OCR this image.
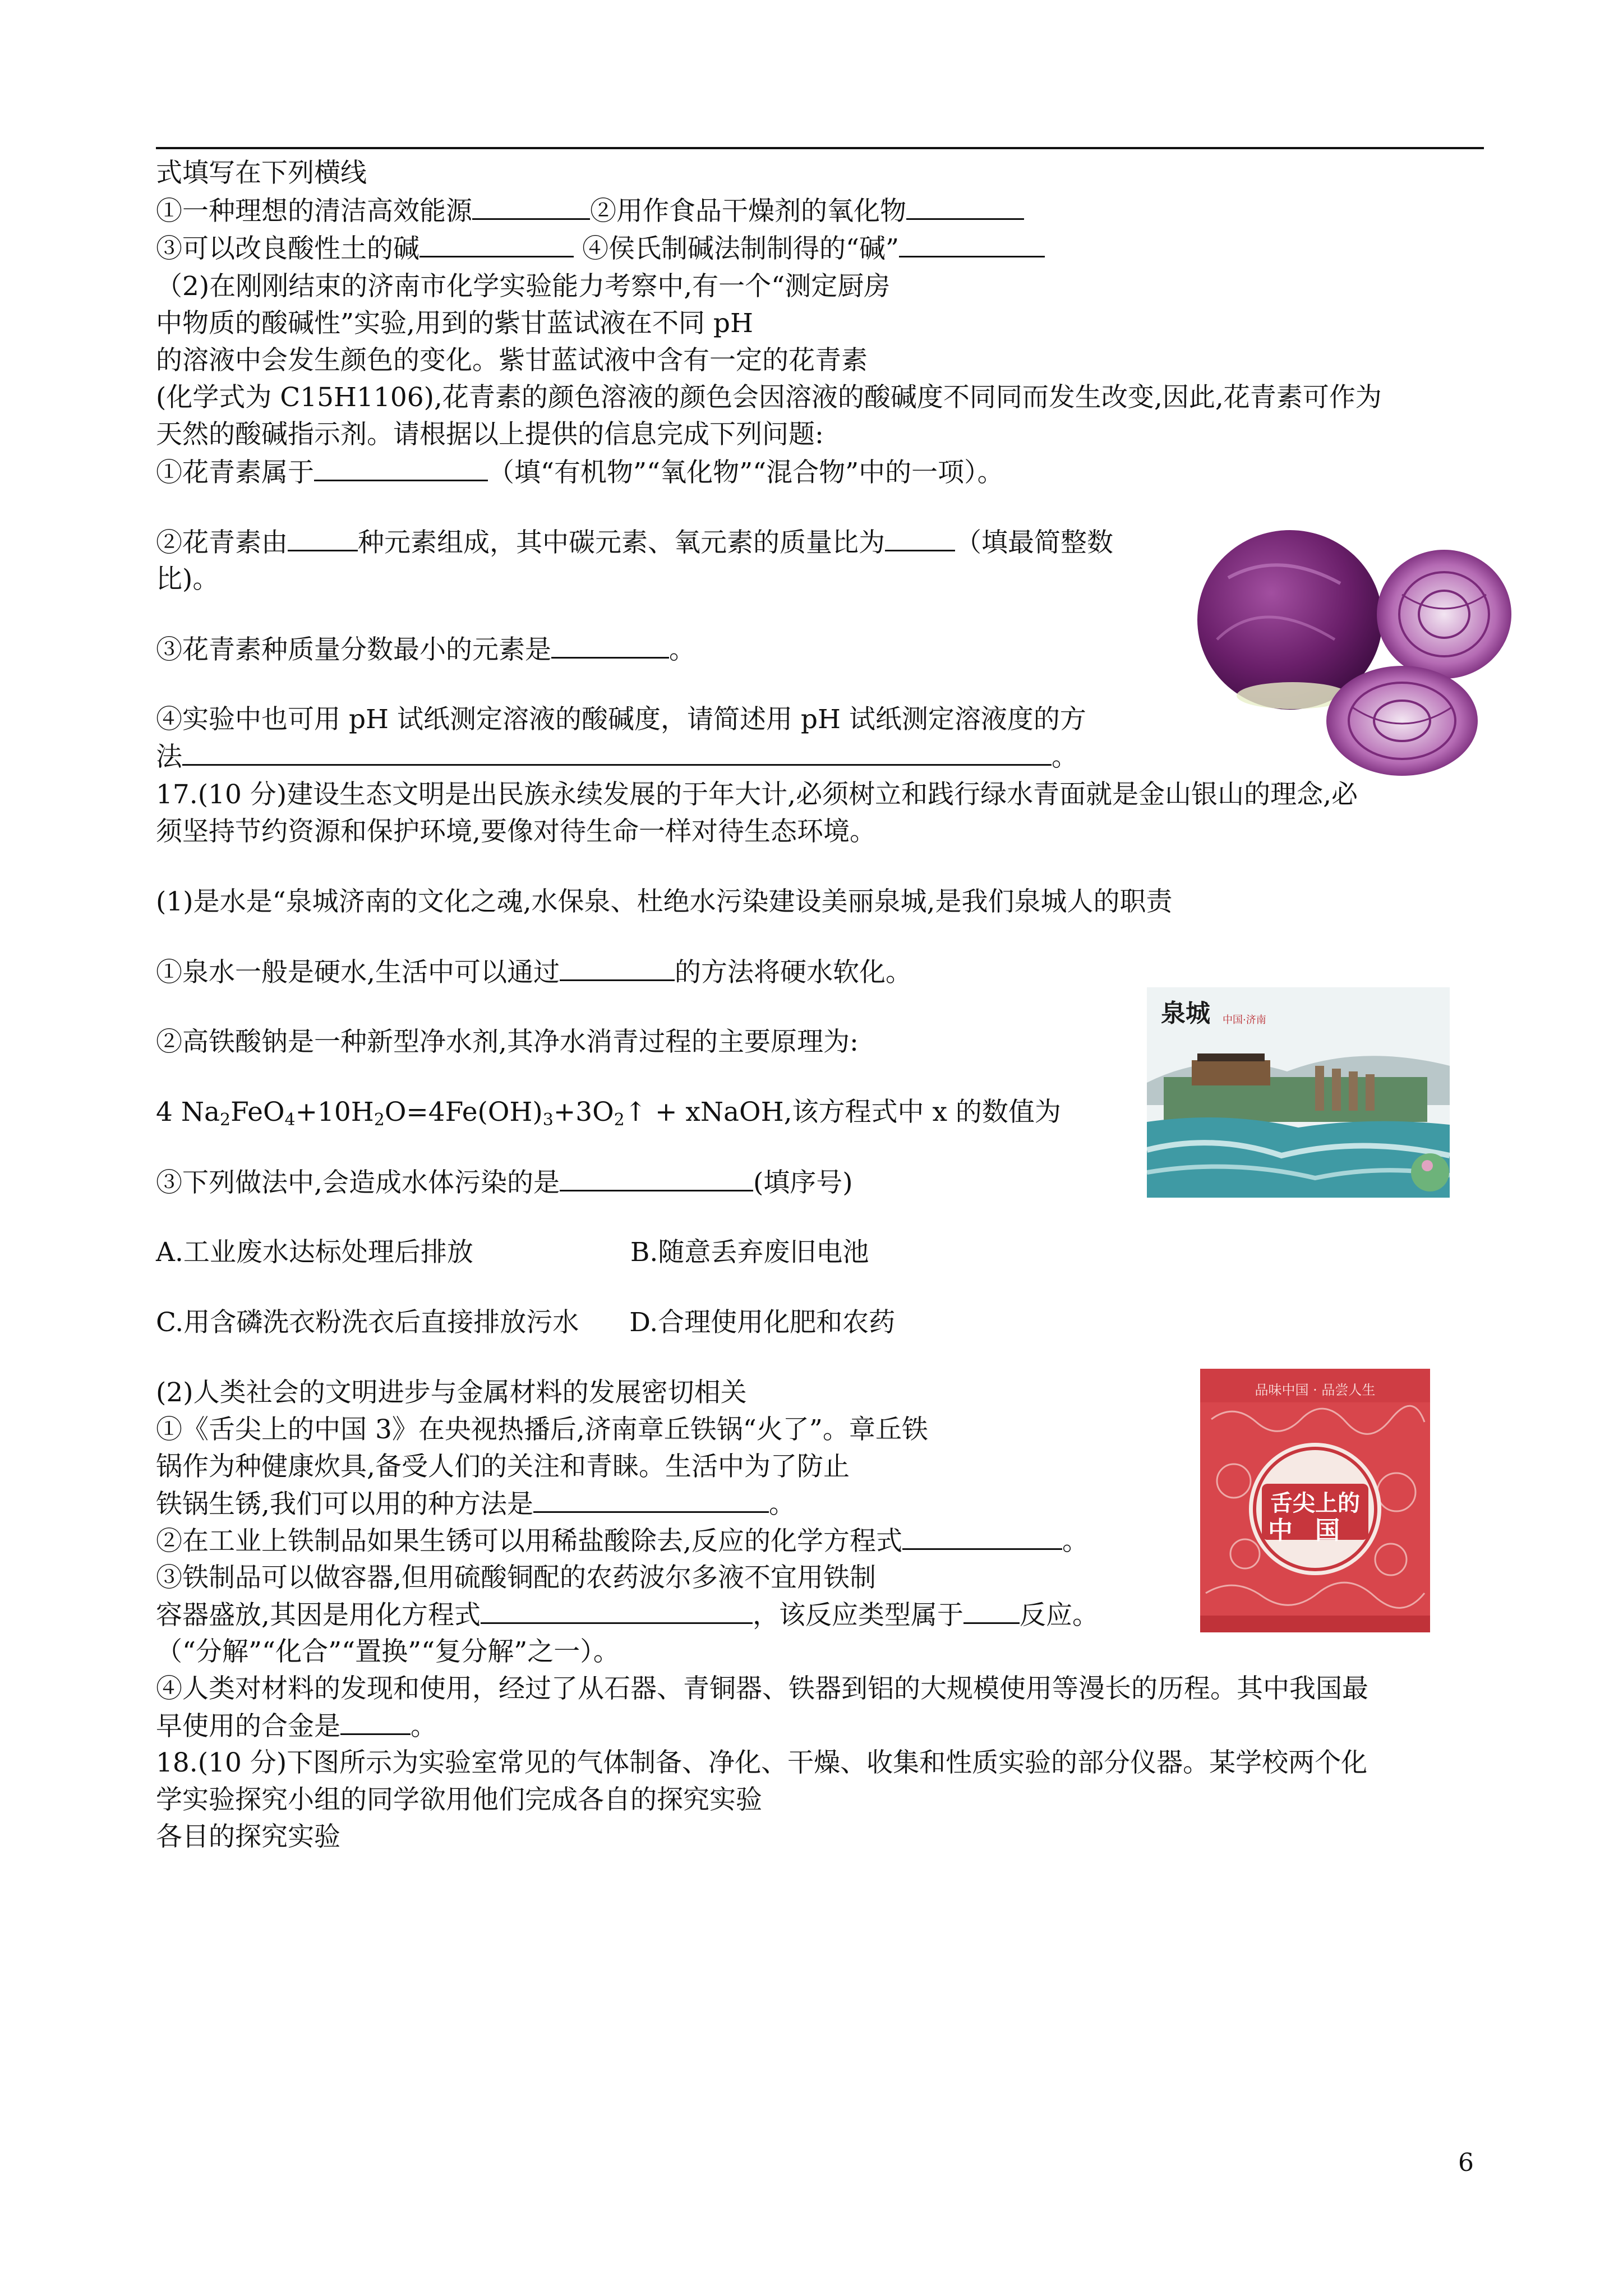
式填写在下列横线
①一种理想的清洁高效能源	②用作食品干燥剂的氧化物
③可以改良酸性土的碱	④侯氏制碱法制制得的“碱”
（2)在刚刚结束的济南市化学实验能力考察中,有一个“测定厨房
中物质的酸碱性”实验,用到的紫甘蓝试液在不同 pH
的溶液中会发生颜色的变化。紫甘蓝试液中含有一定的花青素
(化学式为 C15H1106),花青素的颜色溶液的颜色会因溶液的酸碱度不同同而发生改变,因此,花青素可作为
天然的酸碱指示剂。请根据以上提供的信息完成下列问题:
①花青素属于	（填“有机物”“氧化物”“混合物”中的一项）。
②花青素由	种元素组成，其中碳元素、氧元素的质量比为	（填最简整数
比)。
③花青素种质量分数最小的元素是	。
④实验中也可用 pH 试纸测定溶液的酸碱度，请简述用 pH 试纸测定溶液度的方
法	。
17.(10 分)建设生态文明是出民族永续发展的于年大计,必须树立和践行绿水青面就是金山银山的理念,必
须坚持节约资源和保护环境,要像对待生命一样对待生态环境。
(1)是水是“泉城济南的文化之魂,水保泉、杜绝水污染建设美丽泉城,是我们泉城人的职责
①泉水一般是硬水,生活中可以通过	的方法将硬水软化。
②高铁酸钠是一种新型净水剂,其净水消青过程的主要原理为:
4 $Na_2FeO_4+10H_2O=4Fe(OH)_3+3O_2↑$ + xNaOH,该方程式中 x 的数值为
③下列做法中,会造成水体污染的是	(填序号)
A.工业废水达标处理后排放	B.随意丢弃废旧电池
C.用含磷洗衣粉洗衣后直接排放污水 D.合理使用化肥和农药
(2)人类社会的文明进步与金属材料的发展密切相关
①《舌尖上的中国 3》在央视热播后,济南章丘铁锅“火了”。章丘铁
锅作为种健康炊具,备受人们的关注和青睐。生活中为了防止
铁锅生锈,我们可以用的种方法是	。
②在工业上铁制品如果生锈可以用稀盐酸除去,反应的化学方程式	。
③铁制品可以做容器,但用硫酸铜配的农药波尔多液不宜用铁制
容器盛放,其因是用化方程式	，该反应类型属于 反应。
（“分解”“化合”“置换”“复分解”之一）。
④人类对材料的发现和使用，经过了从石器、青铜器、铁器到铝的大规模使用等漫长的历程。其中我国最
早使用的合金是	。
18.(10 分)下图所示为实验室常见的气体制备、净化、干燥、收集和性质实验的部分仪器。某学校两个化
学实验探究小组的同学欲用他们完成各自的探究实验
各目的探究实验
泉城 中国·济南
品味中国 · 品尝人生
舌尖上的
中国
6
